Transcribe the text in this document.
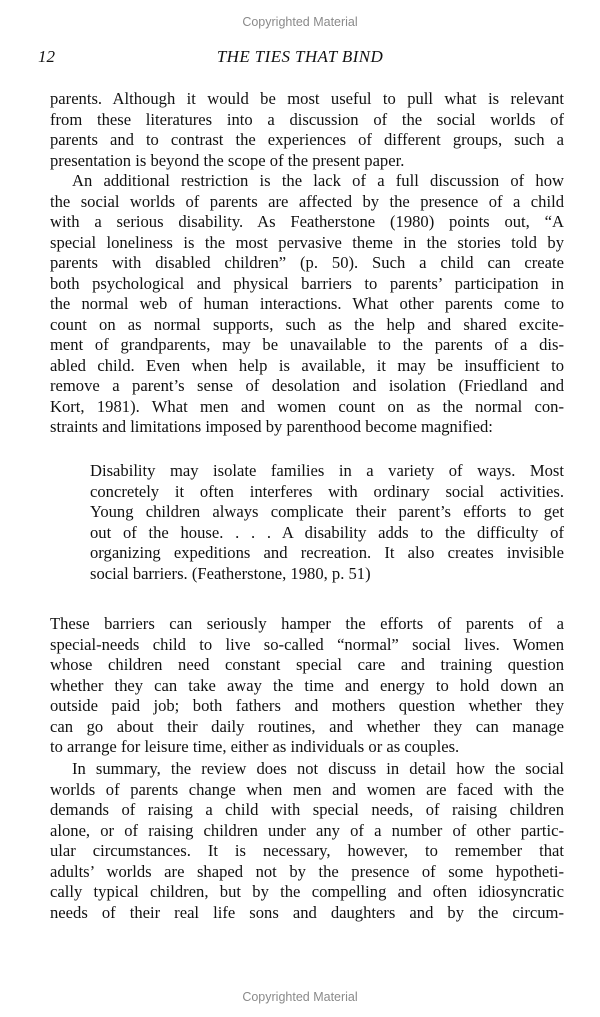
Copyrighted Material
12	THE TIES THAT BIND
parents. Although it would be most useful to pull what is relevant
from these literatures into a discussion of the social worlds of
parents and to contrast the experiences of different groups, such a
presentation is beyond the scope of the present paper.
An additional restriction is the lack of a full discussion of how
the social worlds of parents are affected by the presence of a child
with a serious disability. As Featherstone (1980) points out, “A
special loneliness is the most pervasive theme in the stories told by
parents with disabled children” (p. 50). Such a child can create
both psychological and physical barriers to parents’ participation in
the normal web of human interactions. What other parents come to
count on as normal supports, such as the help and shared excite-
ment of grandparents, may be unavailable to the parents of a dis-
abled child. Even when help is available, it may be insufficient to
remove a parent’s sense of desolation and isolation (Friedland and
Kort, 1981). What men and women count on as the normal con-
straints and limitations imposed by parenthood become magnified:
Disability may isolate families in a variety of ways. Most
concretely it often interferes with ordinary social activities.
Young children always complicate their parent’s efforts to get
out of the house. . . . A disability adds to the difficulty of
organizing expeditions and recreation. It also creates invisible
social barriers. (Featherstone, 1980, p. 51)
These barriers can seriously hamper the efforts of parents of a
special-needs child to live so-called “normal” social lives. Women
whose children need constant special care and training question
whether they can take away the time and energy to hold down an
outside paid job; both fathers and mothers question whether they
can go about their daily routines, and whether they can manage
to arrange for leisure time, either as individuals or as couples.
In summary, the review does not discuss in detail how the social
worlds of parents change when men and women are faced with the
demands of raising a child with special needs, of raising children
alone, or of raising children under any of a number of other partic-
ular circumstances. It is necessary, however, to remember that
adults’ worlds are shaped not by the presence of some hypotheti-
cally typical children, but by the compelling and often idiosyncratic
needs of their real life sons and daughters and by the circum-
Copyrighted Material
